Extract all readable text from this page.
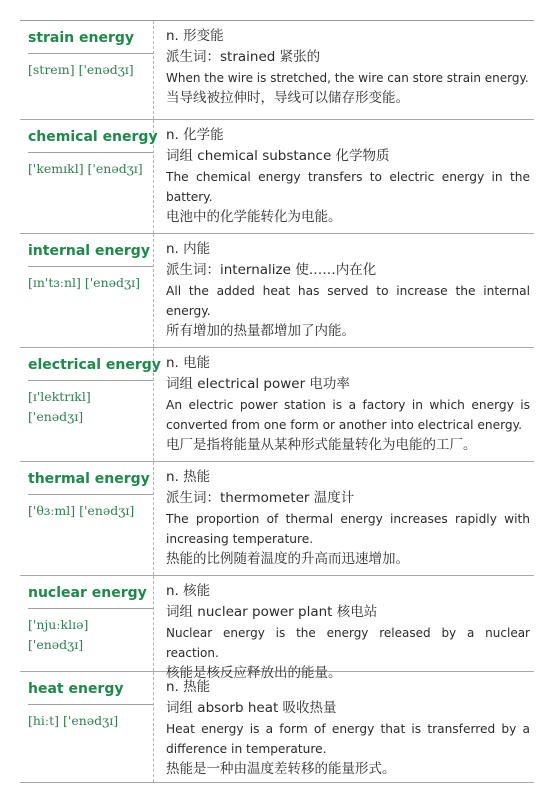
strain energy
[streɪn] ['enədʒɪ]
n. 形变能
派生词：strained 紧张的
When the wire is stretched, the wire can store strain energy.
当导线被拉伸时，导线可以储存形变能。
chemical energy
['kemɪkl] ['enədʒɪ]
n. 化学能
词组 chemical substance 化学物质
The chemical energy transfers to electric energy in the battery.
电池中的化学能转化为电能。
internal energy
[ɪn'tɜːnl] ['enədʒɪ]
n. 内能
派生词：internalize 使……内在化
All the added heat has served to increase the internal energy.
所有增加的热量都增加了内能。
electrical energy
[ɪ'lektrɪkl] ['enədʒɪ]
n. 电能
词组 electrical power 电功率
An electric power station is a factory in which energy is converted from one form or another into electrical energy.
电厂是指将能量从某种形式能量转化为电能的工厂。
thermal energy
['θɜːml] ['enədʒɪ]
n. 热能
派生词：thermometer 温度计
The proportion of thermal energy increases rapidly with increasing temperature.
热能的比例随着温度的升高而迅速增加。
nuclear energy
['njuːklɪə] ['enədʒɪ]
n. 核能
词组 nuclear power plant 核电站
Nuclear energy is the energy released by a nuclear reaction.
核能是核反应释放出的能量。
heat energy
[hiːt] ['enədʒɪ]
n. 热能
词组 absorb heat 吸收热量
Heat energy is a form of energy that is transferred by a difference in temperature.
热能是一种由温度差转移的能量形式。
